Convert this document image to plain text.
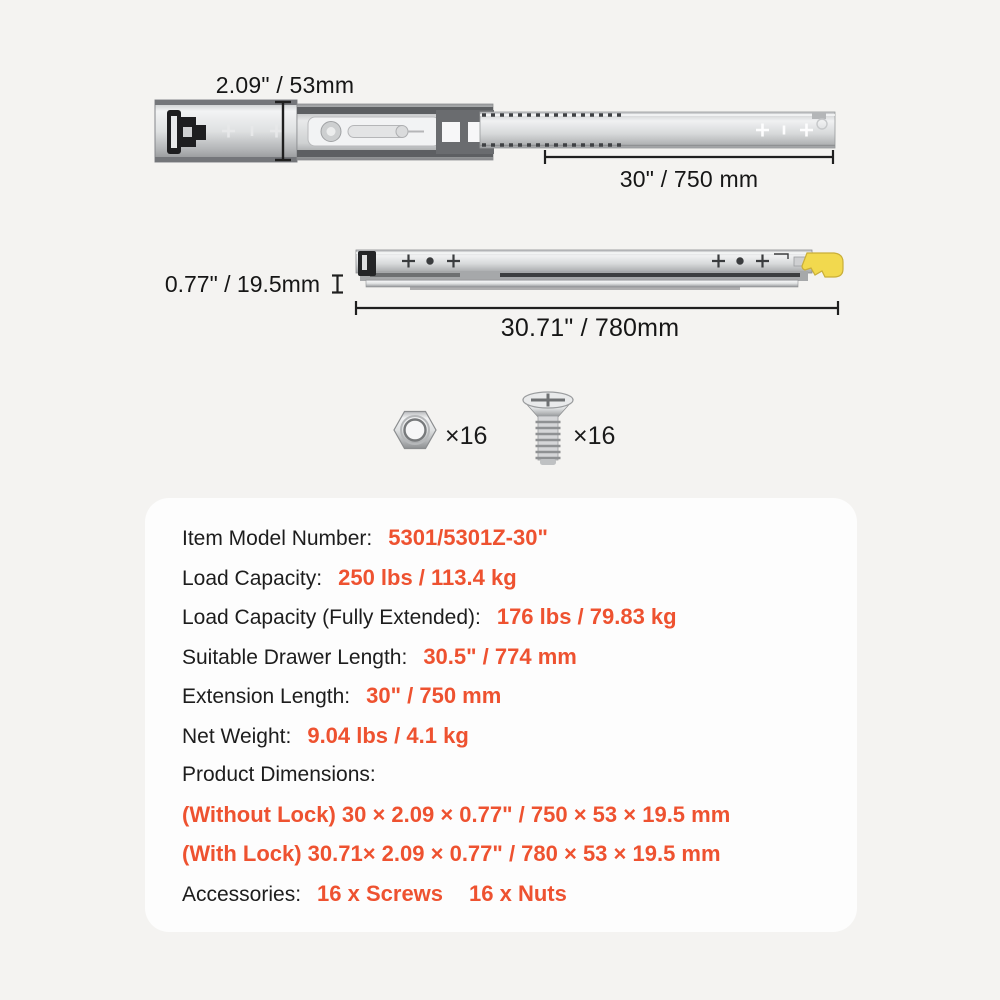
2.09" / 53mm
30" / 750 mm
0.77" / 19.5mm
30.71" / 780mm
×16	×16
Item Model Number: 5301/5301Z-30"
Load Capacity: 250 lbs / 113.4 kg
Load Capacity (Fully Extended): 176 lbs / 79.83 kg
Suitable Drawer Length: 30.5" / 774 mm
Extension Length: 30" / 750 mm
Net Weight: 9.04 lbs / 4.1 kg
Product Dimensions:
(Without Lock) 30 × 2.09 × 0.77" / 750 × 53 × 19.5 mm
(With Lock) 30.71× 2.09 × 0.77" / 780 × 53 × 19.5 mm
Accessories: 16 x Screws 16 x Nuts
